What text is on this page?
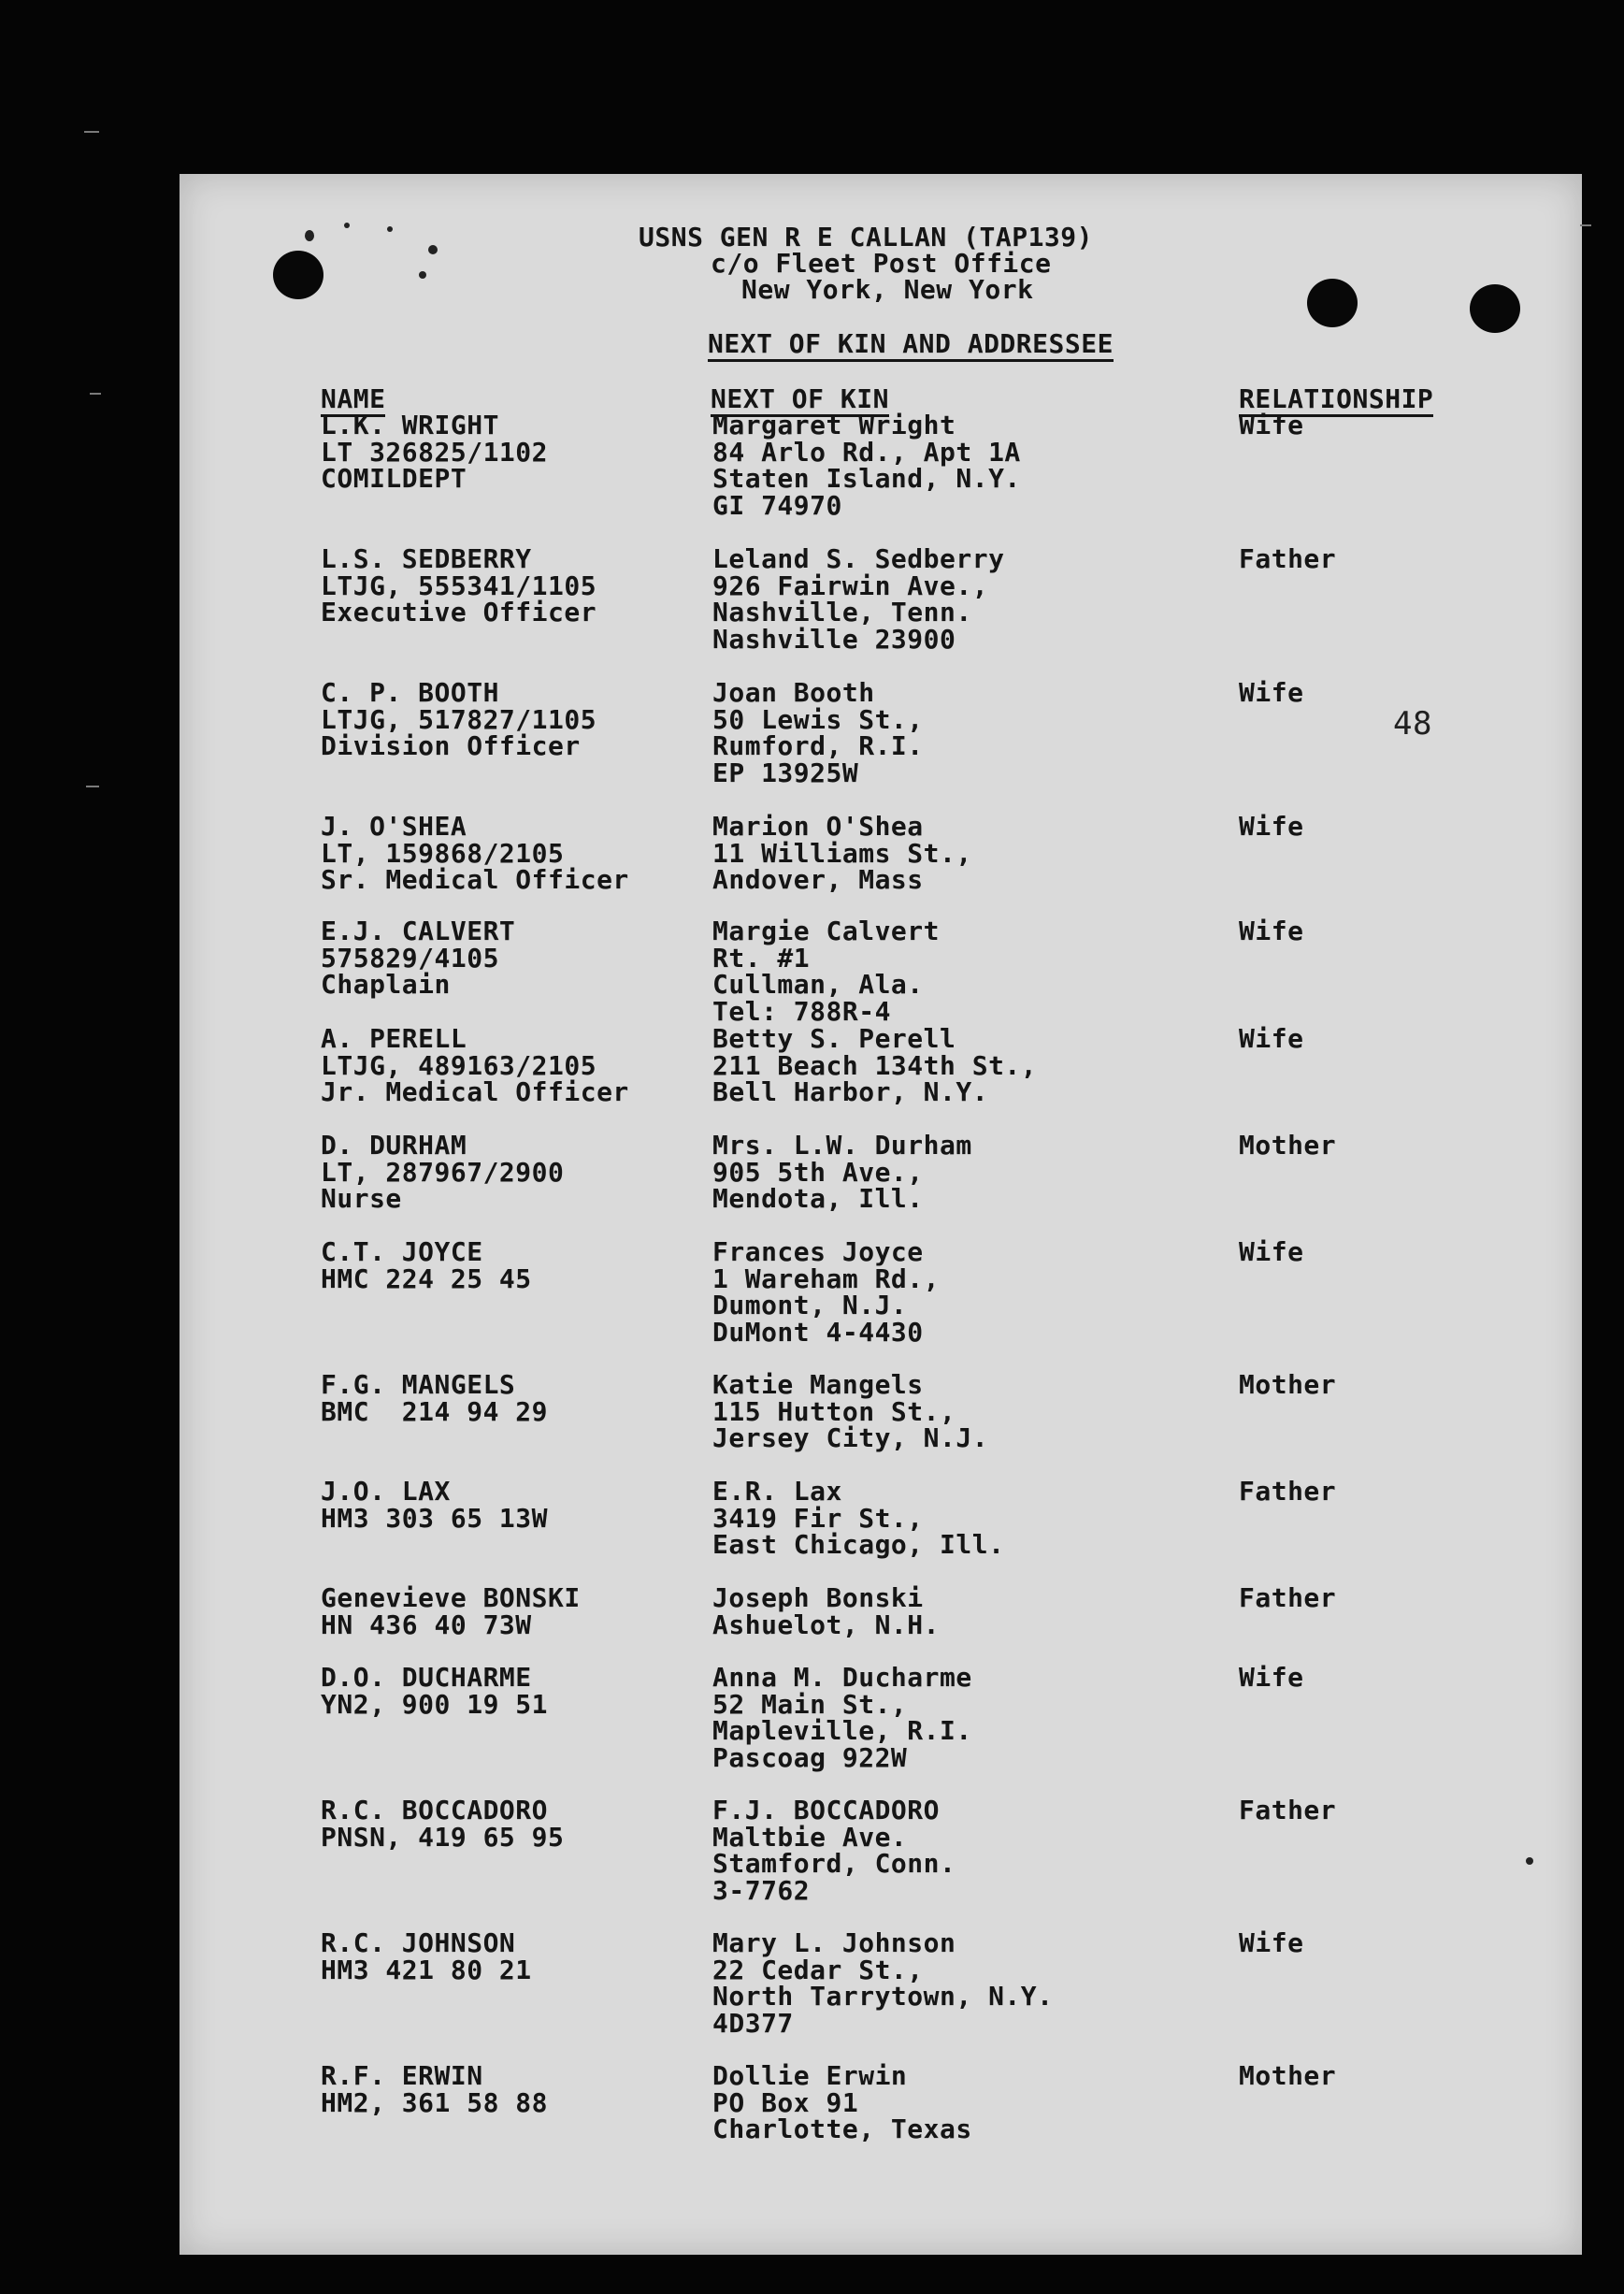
USNS GEN R E CALLAN (TAP139)
c/o Fleet Post Office
New York, New York
NEXT OF KIN AND ADDRESSEE
NAME	NEXT OF KIN	RELATIONSHIP
48
L.K. WRIGHT
LT 326825/1102
COMILDEPT
Margaret Wright
84 Arlo Rd., Apt 1A
Staten Island, N.Y.
GI 74970
Wife
L.S. SEDBERRY
LTJG, 555341/1105
Executive Officer
Leland S. Sedberry
926 Fairwin Ave.,
Nashville, Tenn.
Nashville 23900
Father
C. P. BOOTH
LTJG, 517827/1105
Division Officer
Joan Booth
50 Lewis St.,
Rumford, R.I.
EP 13925W
Wife
J. O'SHEA
LT, 159868/2105
Sr. Medical Officer
Marion O'Shea
11 Williams St.,
Andover, Mass
Wife
E.J. CALVERT
575829/4105
Chaplain
Margie Calvert
Rt. #1
Cullman, Ala.
Tel: 788R-4
Wife
A. PERELL
LTJG, 489163/2105
Jr. Medical Officer
Betty S. Perell
211 Beach 134th St.,
Bell Harbor, N.Y.
Wife
D. DURHAM
LT, 287967/2900
Nurse
Mrs. L.W. Durham
905 5th Ave.,
Mendota, Ill.
Mother
C.T. JOYCE
HMC 224 25 45
Frances Joyce
1 Wareham Rd.,
Dumont, N.J.
DuMont 4-4430
Wife
F.G. MANGELS
BMC  214 94 29
Katie Mangels
115 Hutton St.,
Jersey City, N.J.
Mother
J.O. LAX
HM3 303 65 13W
E.R. Lax
3419 Fir St.,
East Chicago, Ill.
Father
Genevieve BONSKI
HN 436 40 73W
Joseph Bonski
Ashuelot, N.H.
Father
D.O. DUCHARME
YN2, 900 19 51
Anna M. Ducharme
52 Main St.,
Mapleville, R.I.
Pascoag 922W
Wife
R.C. BOCCADORO
PNSN, 419 65 95
F.J. BOCCADORO
Maltbie Ave.
Stamford, Conn.
3-7762
Father
R.C. JOHNSON
HM3 421 80 21
Mary L. Johnson
22 Cedar St.,
North Tarrytown, N.Y.
4D377
Wife
R.F. ERWIN
HM2, 361 58 88
Dollie Erwin
PO Box 91
Charlotte, Texas
Mother
